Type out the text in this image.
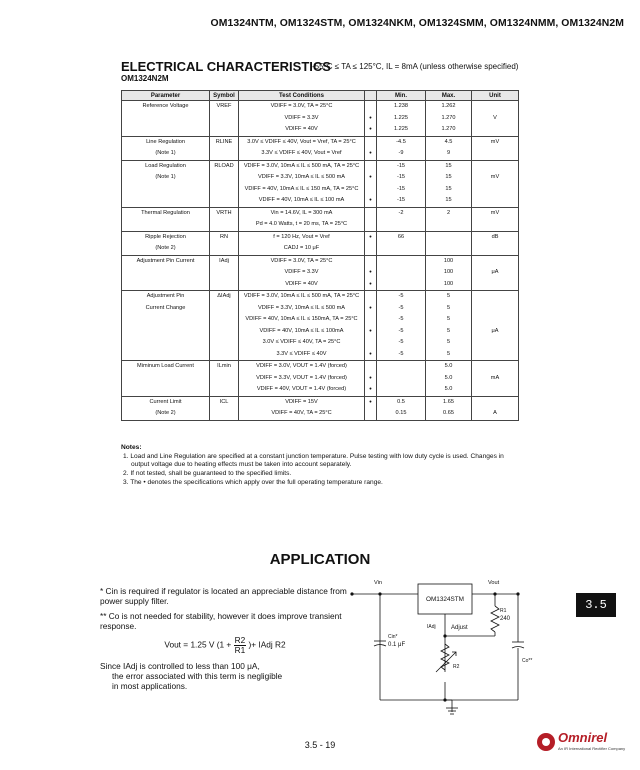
OM1324NTM, OM1324STM, OM1324NKM, OM1324SMM, OM1324NMM, OM1324N2M
ELECTRICAL CHARACTERISTICS
-55°C ≤ TA ≤ 125°C, IL = 8mA (unless otherwise specified)
OM1324N2M
Parameter	Symbol	Test Conditions		Min.	Max.	Unit
Reference Voltage	VREF	VDIFF = 3.0V, TA = 25°C		1.238	1.262	
		VDIFF = 3.3V	•	1.225	1.270	V
		VDIFF = 40V	•	1.225	1.270	
Line Regulation	RLINE	3.0V ≤ VDIFF ≤ 40V, Vout = Vref, TA = 25°C		-4.5	4.5	mV
(Note 1)		3.3V ≤ VDIFF ≤ 40V, Vout = Vref	•	-9	9	
Load Regulation	RLOAD	VDIFF = 3.0V, 10mA ≤ IL ≤ 500 mA, TA = 25°C		-15	15	
(Note 1)		VDIFF = 3.3V, 10mA ≤ IL ≤ 500 mA	•	-15	15	mV
		VDIFF = 40V, 10mA ≤ IL ≤ 150 mA, TA = 25°C		-15	15	
		VDIFF = 40V, 10mA ≤ IL ≤ 100 mA	•	-15	15	
Thermal Regulation	VRTH	Vin = 14.6V, IL = 300 mA		-2	2	mV
		Pd = 4.0 Watts, t = 20 ms, TA = 25°C				
Ripple Rejection	RN	f = 120 Hz, Vout = Vref	•	66		dB
(Note 2)		CADJ = 10 μF				
Adjustment Pin Current	IAdj	VDIFF = 3.0V, TA = 25°C			100	
		VDIFF = 3.3V	•		100	μA
		VDIFF = 40V	•		100	
Adjustment Pin	ΔIAdj	VDIFF = 3.0V, 10mA ≤ IL ≤ 500 mA, TA = 25°C		-5	5	
Current Change		VDIFF = 3.3V, 10mA ≤ IL ≤ 500 mA	•	-5	5	
		VDIFF = 40V, 10mA ≤ IL ≤ 150mA, TA = 25°C		-5	5	
		VDIFF = 40V, 10mA ≤ IL ≤ 100mA	•	-5	5	μA
		3.0V ≤ VDIFF ≤ 40V, TA = 25°C		-5	5	
		3.3V ≤ VDIFF ≤ 40V	•	-5	5	
Miminum Load Current	ILmin	VDIFF = 3.0V, VOUT = 1.4V (forced)			5.0	
		VDIFF = 3.3V, VOUT = 1.4V (forced)	•		5.0	mA
		VDIFF = 40V, VOUT = 1.4V (forced)	•		5.0	
Current Limit	ICL	VDIFF = 15V	•	0.5	1.65	
(Note 2)		VDIFF = 40V, TA = 25°C		0.15	0.65	A
Notes:
1. Load and Line Regulation are specified at a constant junction temperature. Pulse testing with low duty cycle is used. Changes in output voltage due to heating effects must be taken into account separately.
2. If not tested, shall be guaranteed to the specified limits.
3. The • denotes the specifications which apply over the full operating temperature range.
APPLICATION
* Cin is required if regulator is located an appreciable distance from power supply filter.
** Co is not needed for stability, however it does improve transient response.
Vout = 1.25 V ($1 + \frac{R2}{R1}$ )+ IAdj R2
Since IAdj is controlled to less than 100 μA,
the error associated with this term is negligible
in most applications.
Vin	Vout
OM1324STM
IAdj	Adjust
R1
240
Cin*
0.1 μF
R2
Co**
3.5
3.5 - 19	Omnirel
An IR International Rectifier Company
